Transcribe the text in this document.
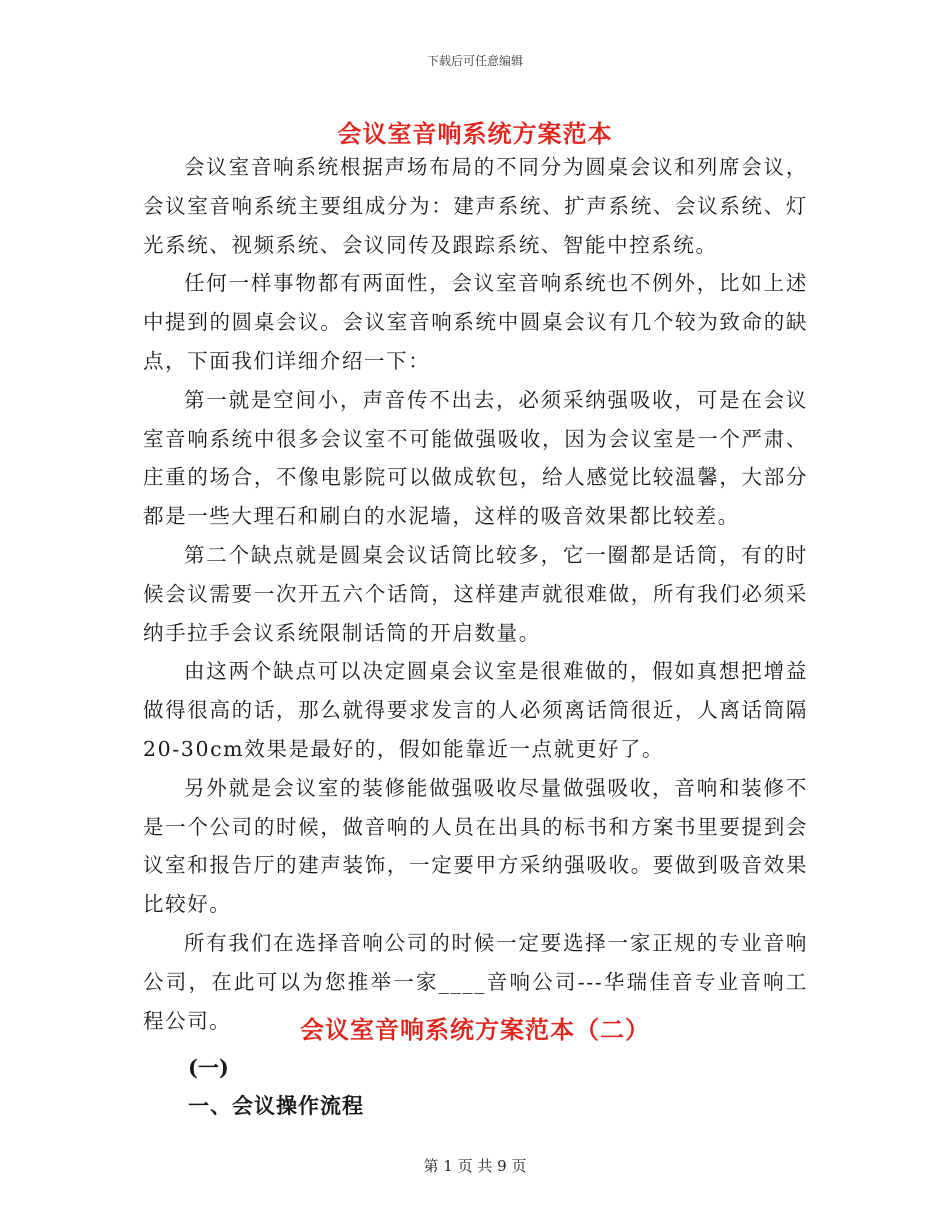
下载后可任意编辑
会议室音响系统方案范本

会议室音响系统根据声场布局的不同分为圆桌会议和列席会议，会议室音响系统主要组成分为：建声系统、扩声系统、会议系统、灯光系统、视频系统、会议同传及跟踪系统、智能中控系统。

任何一样事物都有两面性，会议室音响系统也不例外，比如上述中提到的圆桌会议。会议室音响系统中圆桌会议有几个较为致命的缺点，下面我们详细介绍一下：

第一就是空间小，声音传不出去，必须采纳强吸收，可是在会议室音响系统中很多会议室不可能做强吸收，因为会议室是一个严肃、庄重的场合，不像电影院可以做成软包，给人感觉比较温馨，大部分都是一些大理石和刷白的水泥墙，这样的吸音效果都比较差。

第二个缺点就是圆桌会议话筒比较多，它一圈都是话筒，有的时候会议需要一次开五六个话筒，这样建声就很难做，所有我们必须采纳手拉手会议系统限制话筒的开启数量。

由这两个缺点可以决定圆桌会议室是很难做的，假如真想把增益做得很高的话，那么就得要求发言的人必须离话筒很近，人离话筒隔20-30cm效果是最好的，假如能靠近一点就更好了。

另外就是会议室的装修能做强吸收尽量做强吸收，音响和装修不是一个公司的时候，做音响的人员在出具的标书和方案书里要提到会议室和报告厅的建声装饰，一定要甲方采纳强吸收。要做到吸音效果比较好。

所有我们在选择音响公司的时候一定要选择一家正规的专业音响公司，在此可以为您推举一家____音响公司---华瑞佳音专业音响工程公司。	会议室音响系统方案范本（二）
(一)
一、会议操作流程
第 1 页 共 9 页
